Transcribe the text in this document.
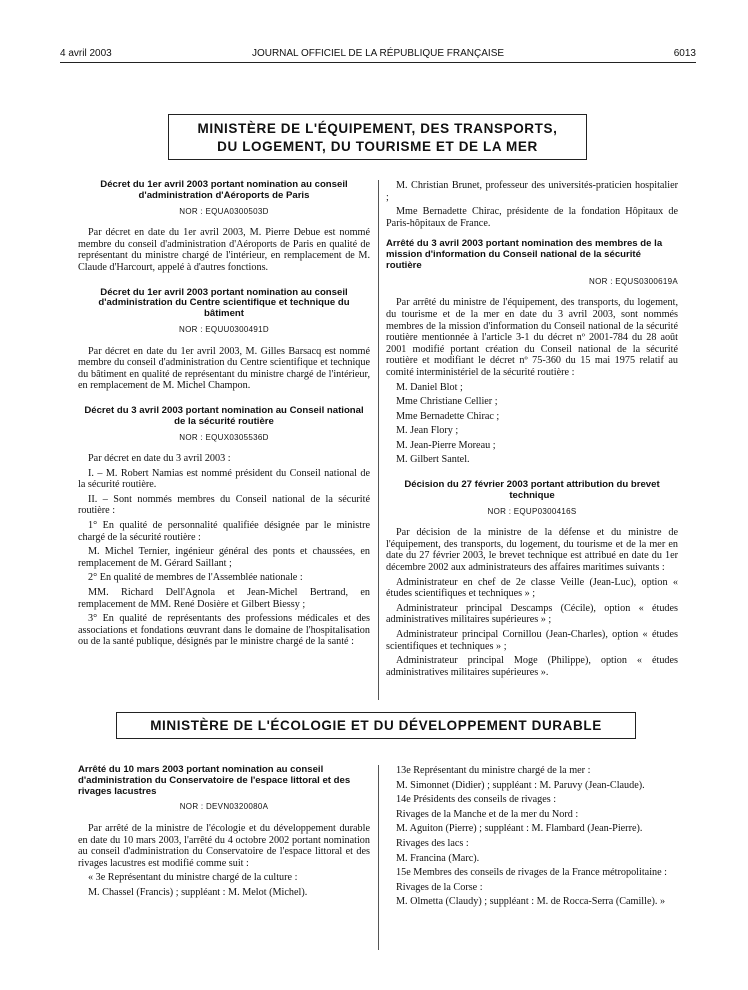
4 avril 2003	JOURNAL OFFICIEL DE LA RÉPUBLIQUE FRANÇAISE	6013
MINISTÈRE DE L'ÉQUIPEMENT, DES TRANSPORTS,
DU LOGEMENT, DU TOURISME ET DE LA MER
Décret du 1er avril 2003 portant nomination au conseil d'administration d'Aéroports de Paris
NOR : EQUA0300503D

Par décret en date du 1er avril 2003, M. Pierre Debue est nommé membre du conseil d'administration d'Aéroports de Paris en qualité de représentant du ministre chargé de l'intérieur, en remplacement de M. Claude d'Harcourt, appelé à d'autres fonctions.

Décret du 1er avril 2003 portant nomination au conseil d'administration du Centre scientifique et technique du bâtiment
NOR : EQUU0300491D

Par décret en date du 1er avril 2003, M. Gilles Barsacq est nommé membre du conseil d'administration du Centre scientifique et technique du bâtiment en qualité de représentant du ministre chargé de l'intérieur, en remplacement de M. Michel Champon.

Décret du 3 avril 2003 portant nomination au Conseil national de la sécurité routière
NOR : EQUX0305536D

Par décret en date du 3 avril 2003 :

I. – M. Robert Namias est nommé président du Conseil national de la sécurité routière.

II. – Sont nommés membres du Conseil national de la sécurité routière :

1° En qualité de personnalité qualifiée désignée par le ministre chargé de la sécurité routière :

M. Michel Ternier, ingénieur général des ponts et chaussées, en remplacement de M. Gérard Saillant ;

2° En qualité de membres de l'Assemblée nationale :

MM. Richard Dell'Agnola et Jean-Michel Bertrand, en remplacement de MM. René Dosière et Gilbert Biessy ;

3° En qualité de représentants des professions médicales et des associations et fondations œuvrant dans le domaine de l'hospitalisation ou de la santé publique, désignés par le ministre chargé de la santé :

M. Christian Brunet, professeur des universités-praticien hospitalier ;

Mme Bernadette Chirac, présidente de la fondation Hôpitaux de Paris-hôpitaux de France.

Arrêté du 3 avril 2003 portant nomination des membres de la mission d'information du Conseil national de la sécurité routière
NOR : EQUS0300619A

Par arrêté du ministre de l'équipement, des transports, du logement, du tourisme et de la mer en date du 3 avril 2003, sont nommés membres de la mission d'information du Conseil national de la sécurité routière mentionnée à l'article 3-1 du décret nº 2001-784 du 28 août 2001 modifié portant création du Conseil national de la sécurité routière et modifiant le décret nº 75-360 du 15 mai 1975 relatif au comité interministériel de la sécurité routière :

M. Daniel Blot ;

Mme Christiane Cellier ;

Mme Bernadette Chirac ;

M. Jean Flory ;

M. Jean-Pierre Moreau ;

M. Gilbert Santel.

Décision du 27 février 2003 portant attribution du brevet technique
NOR : EQUP0300416S

Par décision de la ministre de la défense et du ministre de l'équipement, des transports, du logement, du tourisme et de la mer en date du 27 février 2003, le brevet technique est attribué en date du 1er décembre 2002 aux administrateurs des affaires maritimes suivants :

Administrateur en chef de 2e classe Veille (Jean-Luc), option « études scientifiques et techniques » ;

Administrateur principal Descamps (Cécile), option « études administratives militaires supérieures » ;

Administrateur principal Cornillou (Jean-Charles), option « études scientifiques et techniques » ;

Administrateur principal Moge (Philippe), option « études administratives militaires supérieures ».

MINISTÈRE DE L'ÉCOLOGIE ET DU DÉVELOPPEMENT DURABLE
Arrêté du 10 mars 2003 portant nomination au conseil d'administration du Conservatoire de l'espace littoral et des rivages lacustres
NOR : DEVN0320080A

Par arrêté de la ministre de l'écologie et du développement durable en date du 10 mars 2003, l'arrêté du 4 octobre 2002 portant nomination au conseil d'administration du Conservatoire de l'espace littoral et des rivages lacustres est modifié comme suit :

« 3e Représentant du ministre chargé de la culture :

M. Chassel (Francis) ; suppléant : M. Melot (Michel).

13e Représentant du ministre chargé de la mer :

M. Simonnet (Didier) ; suppléant : M. Paruvy (Jean-Claude).

14e Présidents des conseils de rivages :

Rivages de la Manche et de la mer du Nord :

M. Aguiton (Pierre) ; suppléant : M. Flambard (Jean-Pierre).

Rivages des lacs :

M. Francina (Marc).

15e Membres des conseils de rivages de la France métropolitaine :

Rivages de la Corse :

M. Olmetta (Claudy) ; suppléant : M. de Rocca-Serra (Camille). »
